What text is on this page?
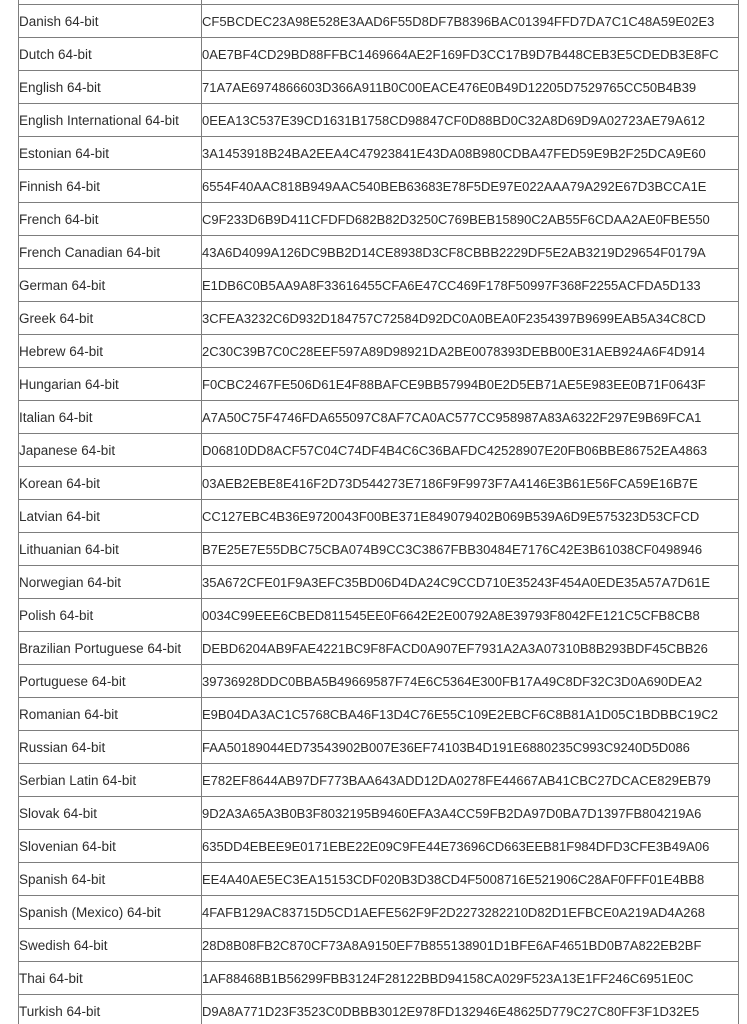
Danish 64-bit	CF5BCDEC23A98E528E3AAD6F55D8DF7B8396BAC01394FFD7DA7C1C48A59E02E3
Dutch 64-bit	0AE7BF4CD29BD88FFBC1469664AE2F169FD3CC17B9D7B448CEB3E5CDEDB3E8FC
English 64-bit	71A7AE6974866603D366A911B0C00EACE476E0B49D12205D7529765CC50B4B39
English International 64-bit	0EEA13C537E39CD1631B1758CD98847CF0D88BD0C32A8D69D9A02723AE79A612
Estonian 64-bit	3A1453918B24BA2EEA4C47923841E43DA08B980CDBA47FED59E9B2F25DCA9E60
Finnish 64-bit	6554F40AAC818B949AAC540BEB63683E78F5DE97E022AAA79A292E67D3BCCA1E
French 64-bit	C9F233D6B9D411CFDFD682B82D3250C769BEB15890C2AB55F6CDAA2AE0FBE550
French Canadian 64-bit	43A6D4099A126DC9BB2D14CE8938D3CF8CBBB2229DF5E2AB3219D29654F0179A
German 64-bit	E1DB6C0B5AA9A8F33616455CFA6E47CC469F178F50997F368F2255ACFDA5D133
Greek 64-bit	3CFEA3232C6D932D184757C72584D92DC0A0BEA0F2354397B9699EAB5A34C8CD
Hebrew 64-bit	2C30C39B7C0C28EEF597A89D98921DA2BE0078393DEBB00E31AEB924A6F4D914
Hungarian 64-bit	F0CBC2467FE506D61E4F88BAFCE9BB57994B0E2D5EB71AE5E983EE0B71F0643F
Italian 64-bit	A7A50C75F4746FDA655097C8AF7CA0AC577CC958987A83A6322F297E9B69FCA1
Japanese 64-bit	D06810DD8ACF57C04C74DF4B4C6C36BAFDC42528907E20FB06BBE86752EA4863
Korean 64-bit	03AEB2EBE8E416F2D73D544273E7186F9F9973F7A4146E3B61E56FCA59E16B7E
Latvian 64-bit	CC127EBC4B36E9720043F00BE371E849079402B069B539A6D9E575323D53CFCD
Lithuanian 64-bit	B7E25E7E55DBC75CBA074B9CC3C3867FBB30484E7176C42E3B61038CF0498946
Norwegian 64-bit	35A672CFE01F9A3EFC35BD06D4DA24C9CCD710E35243F454A0EDE35A57A7D61E
Polish 64-bit	0034C99EEE6CBED811545EE0F6642E2E00792A8E39793F8042FE121C5CFB8CB8
Brazilian Portuguese 64-bit	DEBD6204AB9FAE4221BC9F8FACD0A907EF7931A2A3A07310B8B293BDF45CBB26
Portuguese 64-bit	39736928DDC0BBA5B49669587F74E6C5364E300FB17A49C8DF32C3D0A690DEA2
Romanian 64-bit	E9B04DA3AC1C5768CBA46F13D4C76E55C109E2EBCF6C8B81A1D05C1BDBBC19C2
Russian 64-bit	FAA50189044ED73543902B007E36EF74103B4D191E6880235C993C9240D5D086
Serbian Latin 64-bit	E782EF8644AB97DF773BAA643ADD12DA0278FE44667AB41CBC27DCACE829EB79
Slovak 64-bit	9D2A3A65A3B0B3F8032195B9460EFA3A4CC59FB2DA97D0BA7D1397FB804219A6
Slovenian 64-bit	635DD4EBEE9E0171EBE22E09C9FE44E73696CD663EEB81F984DFD3CFE3B49A06
Spanish 64-bit	EE4A40AE5EC3EA15153CDF020B3D38CD4F5008716E521906C28AF0FFF01E4BB8
Spanish (Mexico) 64-bit	4FAFB129AC83715D5CD1AEFE562F9F2D2273282210D82D1EFBCE0A219AD4A268
Swedish 64-bit	28D8B08FB2C870CF73A8A9150EF7B855138901D1BFE6AF4651BD0B7A822EB2BF
Thai 64-bit	1AF88468B1B56299FBB3124F28122BBD94158CA029F523A13E1FF246C6951E0C
Turkish 64-bit	D9A8A771D23F3523C0DBBB3012E978FD132946E48625D779C27C80FF3F1D32E5
